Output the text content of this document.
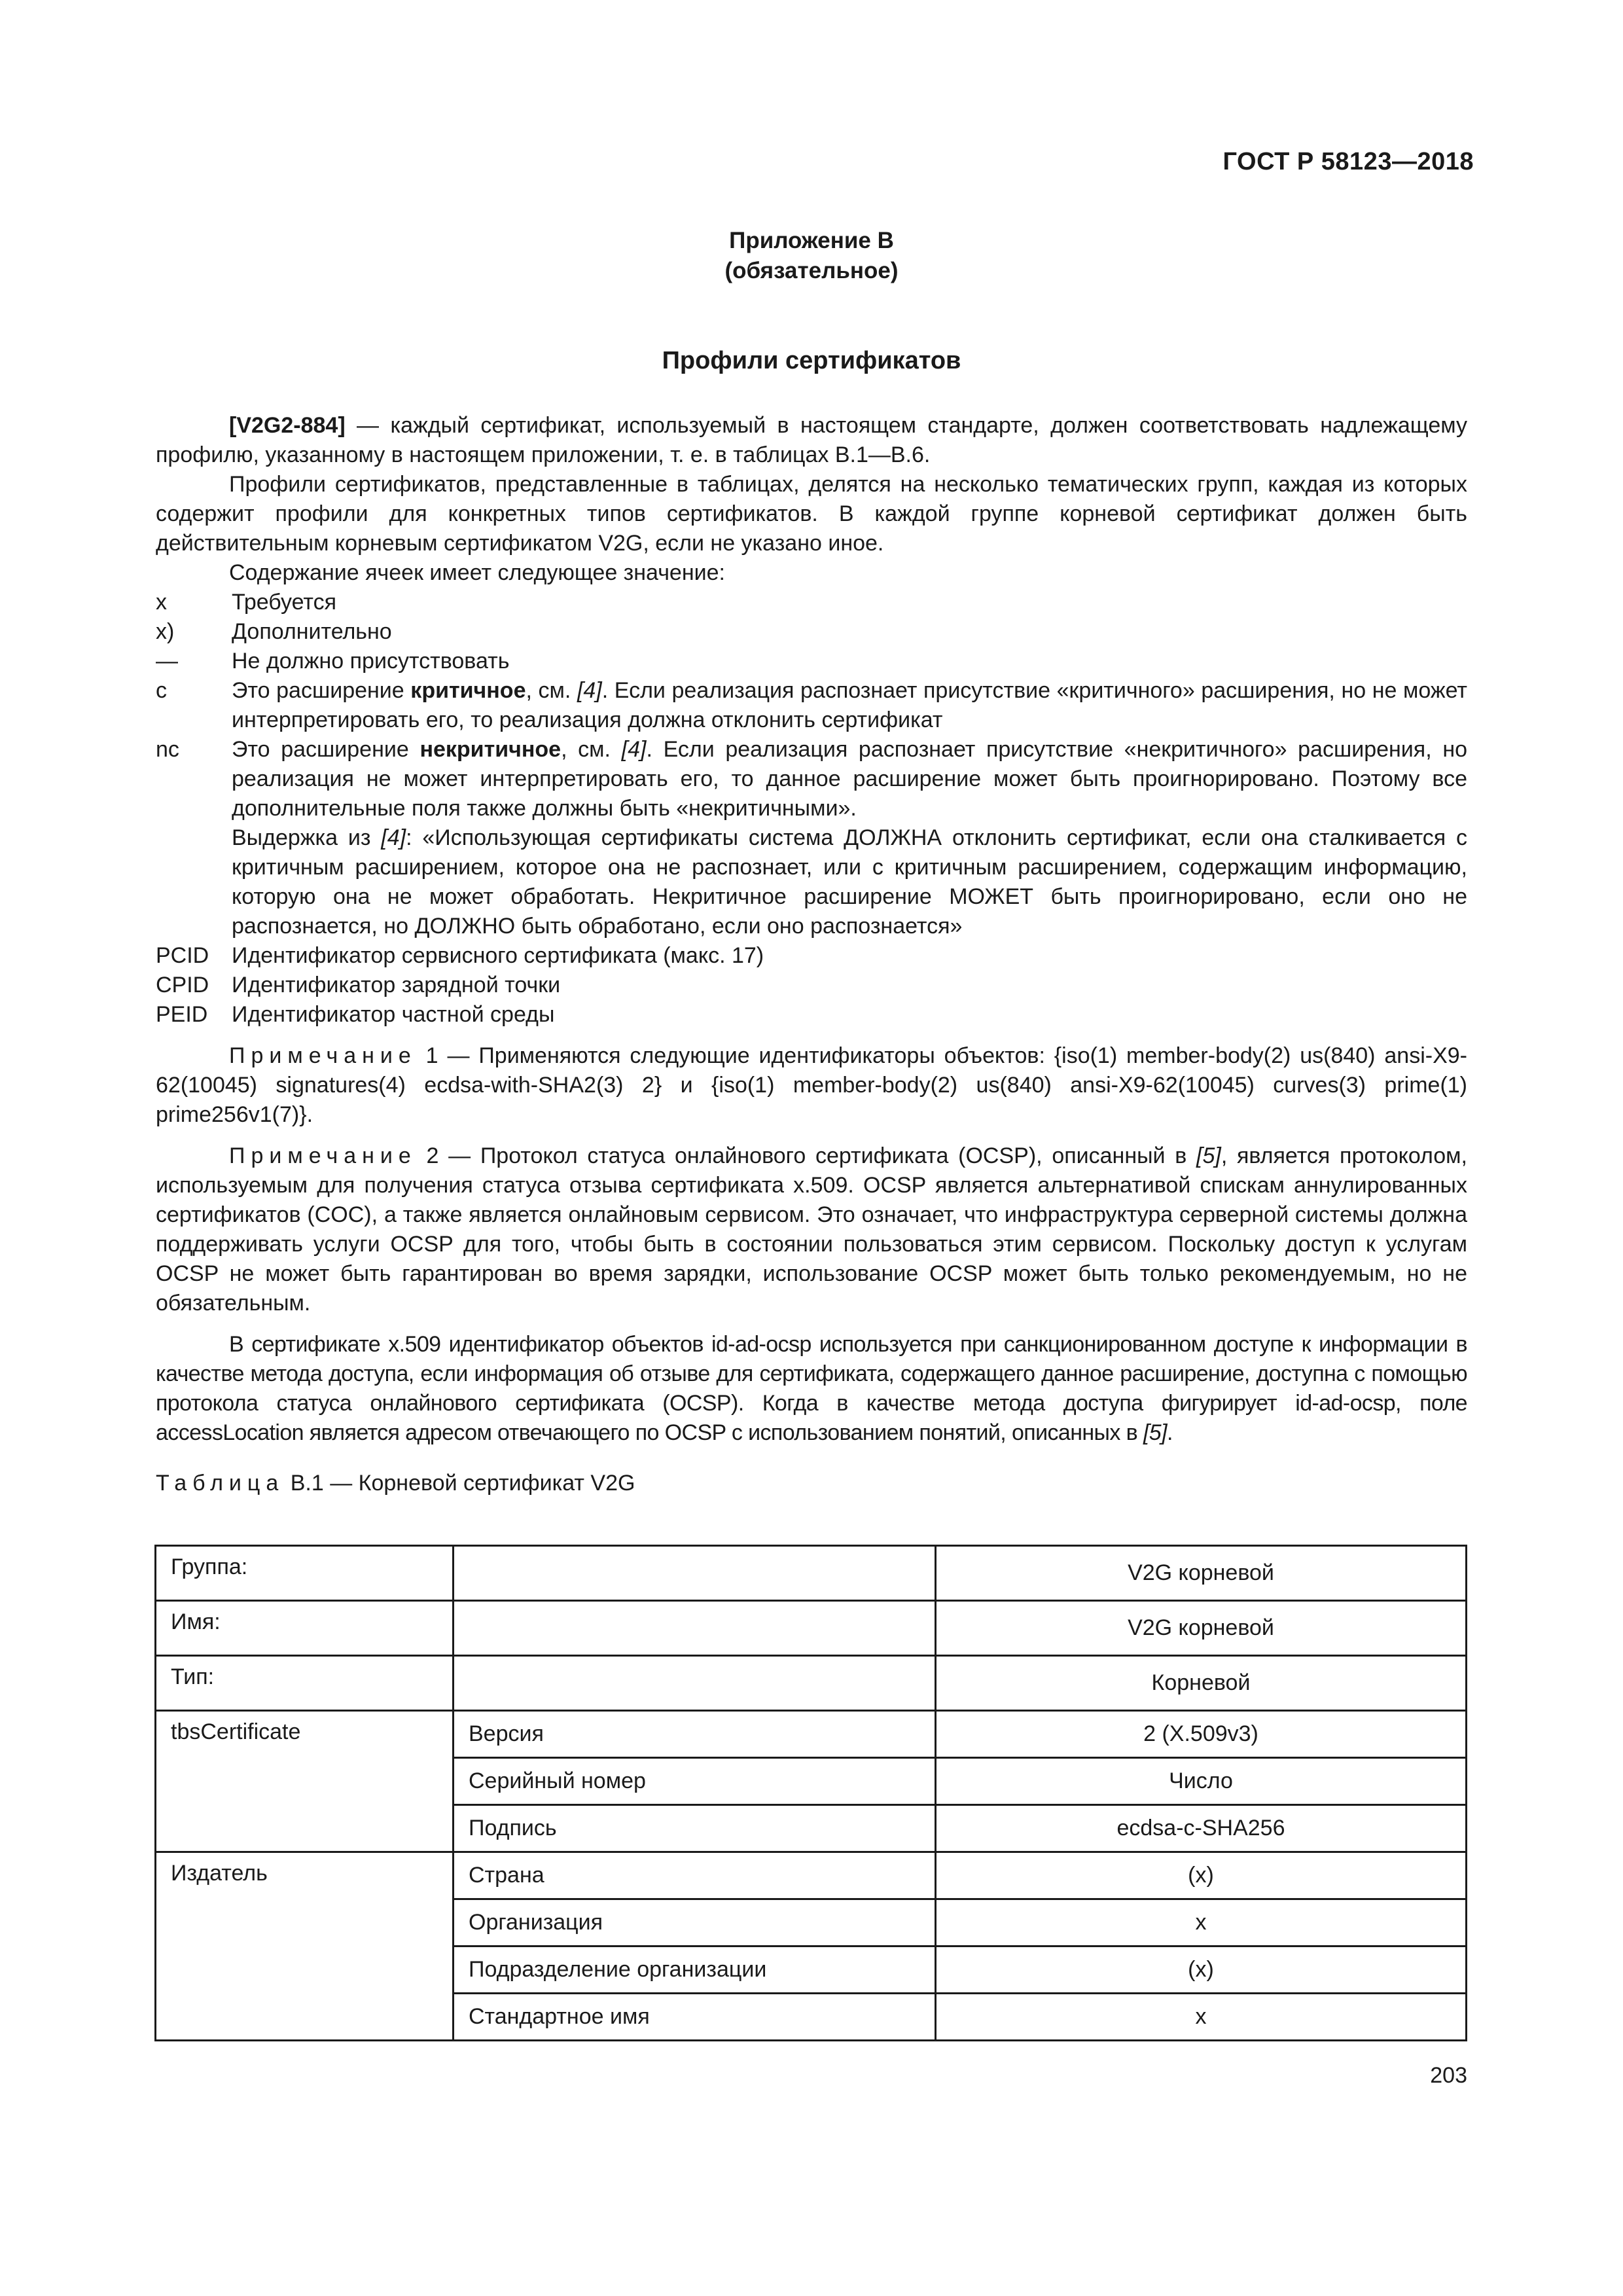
ГОСТ Р 58123—2018
Приложение В
(обязательное)
Профили сертификатов

[V2G2-884] — каждый сертификат, используемый в настоящем стандарте, должен соответствовать надлежащему профилю, указанному в настоящем приложении, т. е. в таблицах В.1—В.6.

Профили сертификатов, представленные в таблицах, делятся на несколько тематических групп, каждая из которых содержит профили для конкретных типов сертификатов. В каждой группе корневой сертификат должен быть действительным корневым сертификатом V2G, если не указано иное.

Содержание ячеек имеет следующее значение:

x	Требуется
x)	Дополнительно
—	Не должно присутствовать
c	Это расширение критичное, см. [4]. Если реализация распознает присутствие «критичного» расширения, но не может интерпретировать его, то реализация должна отклонить сертификат
nc	Это расширение некритичное, см. [4]. Если реализация распознает присутствие «некритичного» расширения, но реализация не может интерпретировать его, то данное расширение может быть проигнорировано. Поэтому все дополнительные поля также должны быть «некритичными».

Выдержка из [4]: «Использующая сертификаты система ДОЛЖНА отклонить сертификат, если она сталкивается с критичным расширением, которое она не распознает, или с критичным расширением, содержащим информацию, которую она не может обработать. Некритичное расширение МОЖЕТ быть проигнорировано, если оно не распознается, но ДОЛЖНО быть обработано, если оно распознается»

PCID	Идентификатор сервисного сертификата (макс. 17)
CPID	Идентификатор зарядной точки
PEID	Идентификатор частной среды

Примечание 1 — Применяются следующие идентификаторы объектов: {iso(1) member-body(2) us(840) ansi-X9-62(10045) signatures(4) ecdsa-with-SHA2(3) 2} и {iso(1) member-body(2) us(840) ansi-X9-62(10045) curves(3) prime(1) prime256v1(7)}.

Примечание 2 — Протокол статуса онлайнового сертификата (OCSP), описанный в [5], является протоколом, используемым для получения статуса отзыва сертификата x.509. OCSP является альтернативой спискам аннулированных сертификатов (COC), а также является онлайновым сервисом. Это означает, что инфраструктура серверной системы должна поддерживать услуги OCSP для того, чтобы быть в состоянии пользоваться этим сервисом. Поскольку доступ к услугам OCSP не может быть гарантирован во время зарядки, использование OCSP может быть только рекомендуемым, но не обязательным.

В сертификате x.509 идентификатор объектов id-ad-ocsp используется при санкционированном доступе к информации в качестве метода доступа, если информация об отзыве для сертификата, содержащего данное расширение, доступна с помощью протокола статуса онлайнового сертификата (OCSP). Когда в качестве метода доступа фигурирует id-ad-ocsp, поле accessLocation является адресом отвечающего по OCSP с использованием понятий, описанных в [5].

Таблица В.1 — Корневой сертификат V2G
Группа:		V2G корневой
Имя:		V2G корневой
Тип:		Корневой
tbsCertificate	Версия	2 (X.509v3)
	Серийный номер	Число
	Подпись	ecdsa-c-SHA256
Издатель	Страна	(x)
	Организация	x
	Подразделение организации	(x)
	Стандартное имя	x
203
